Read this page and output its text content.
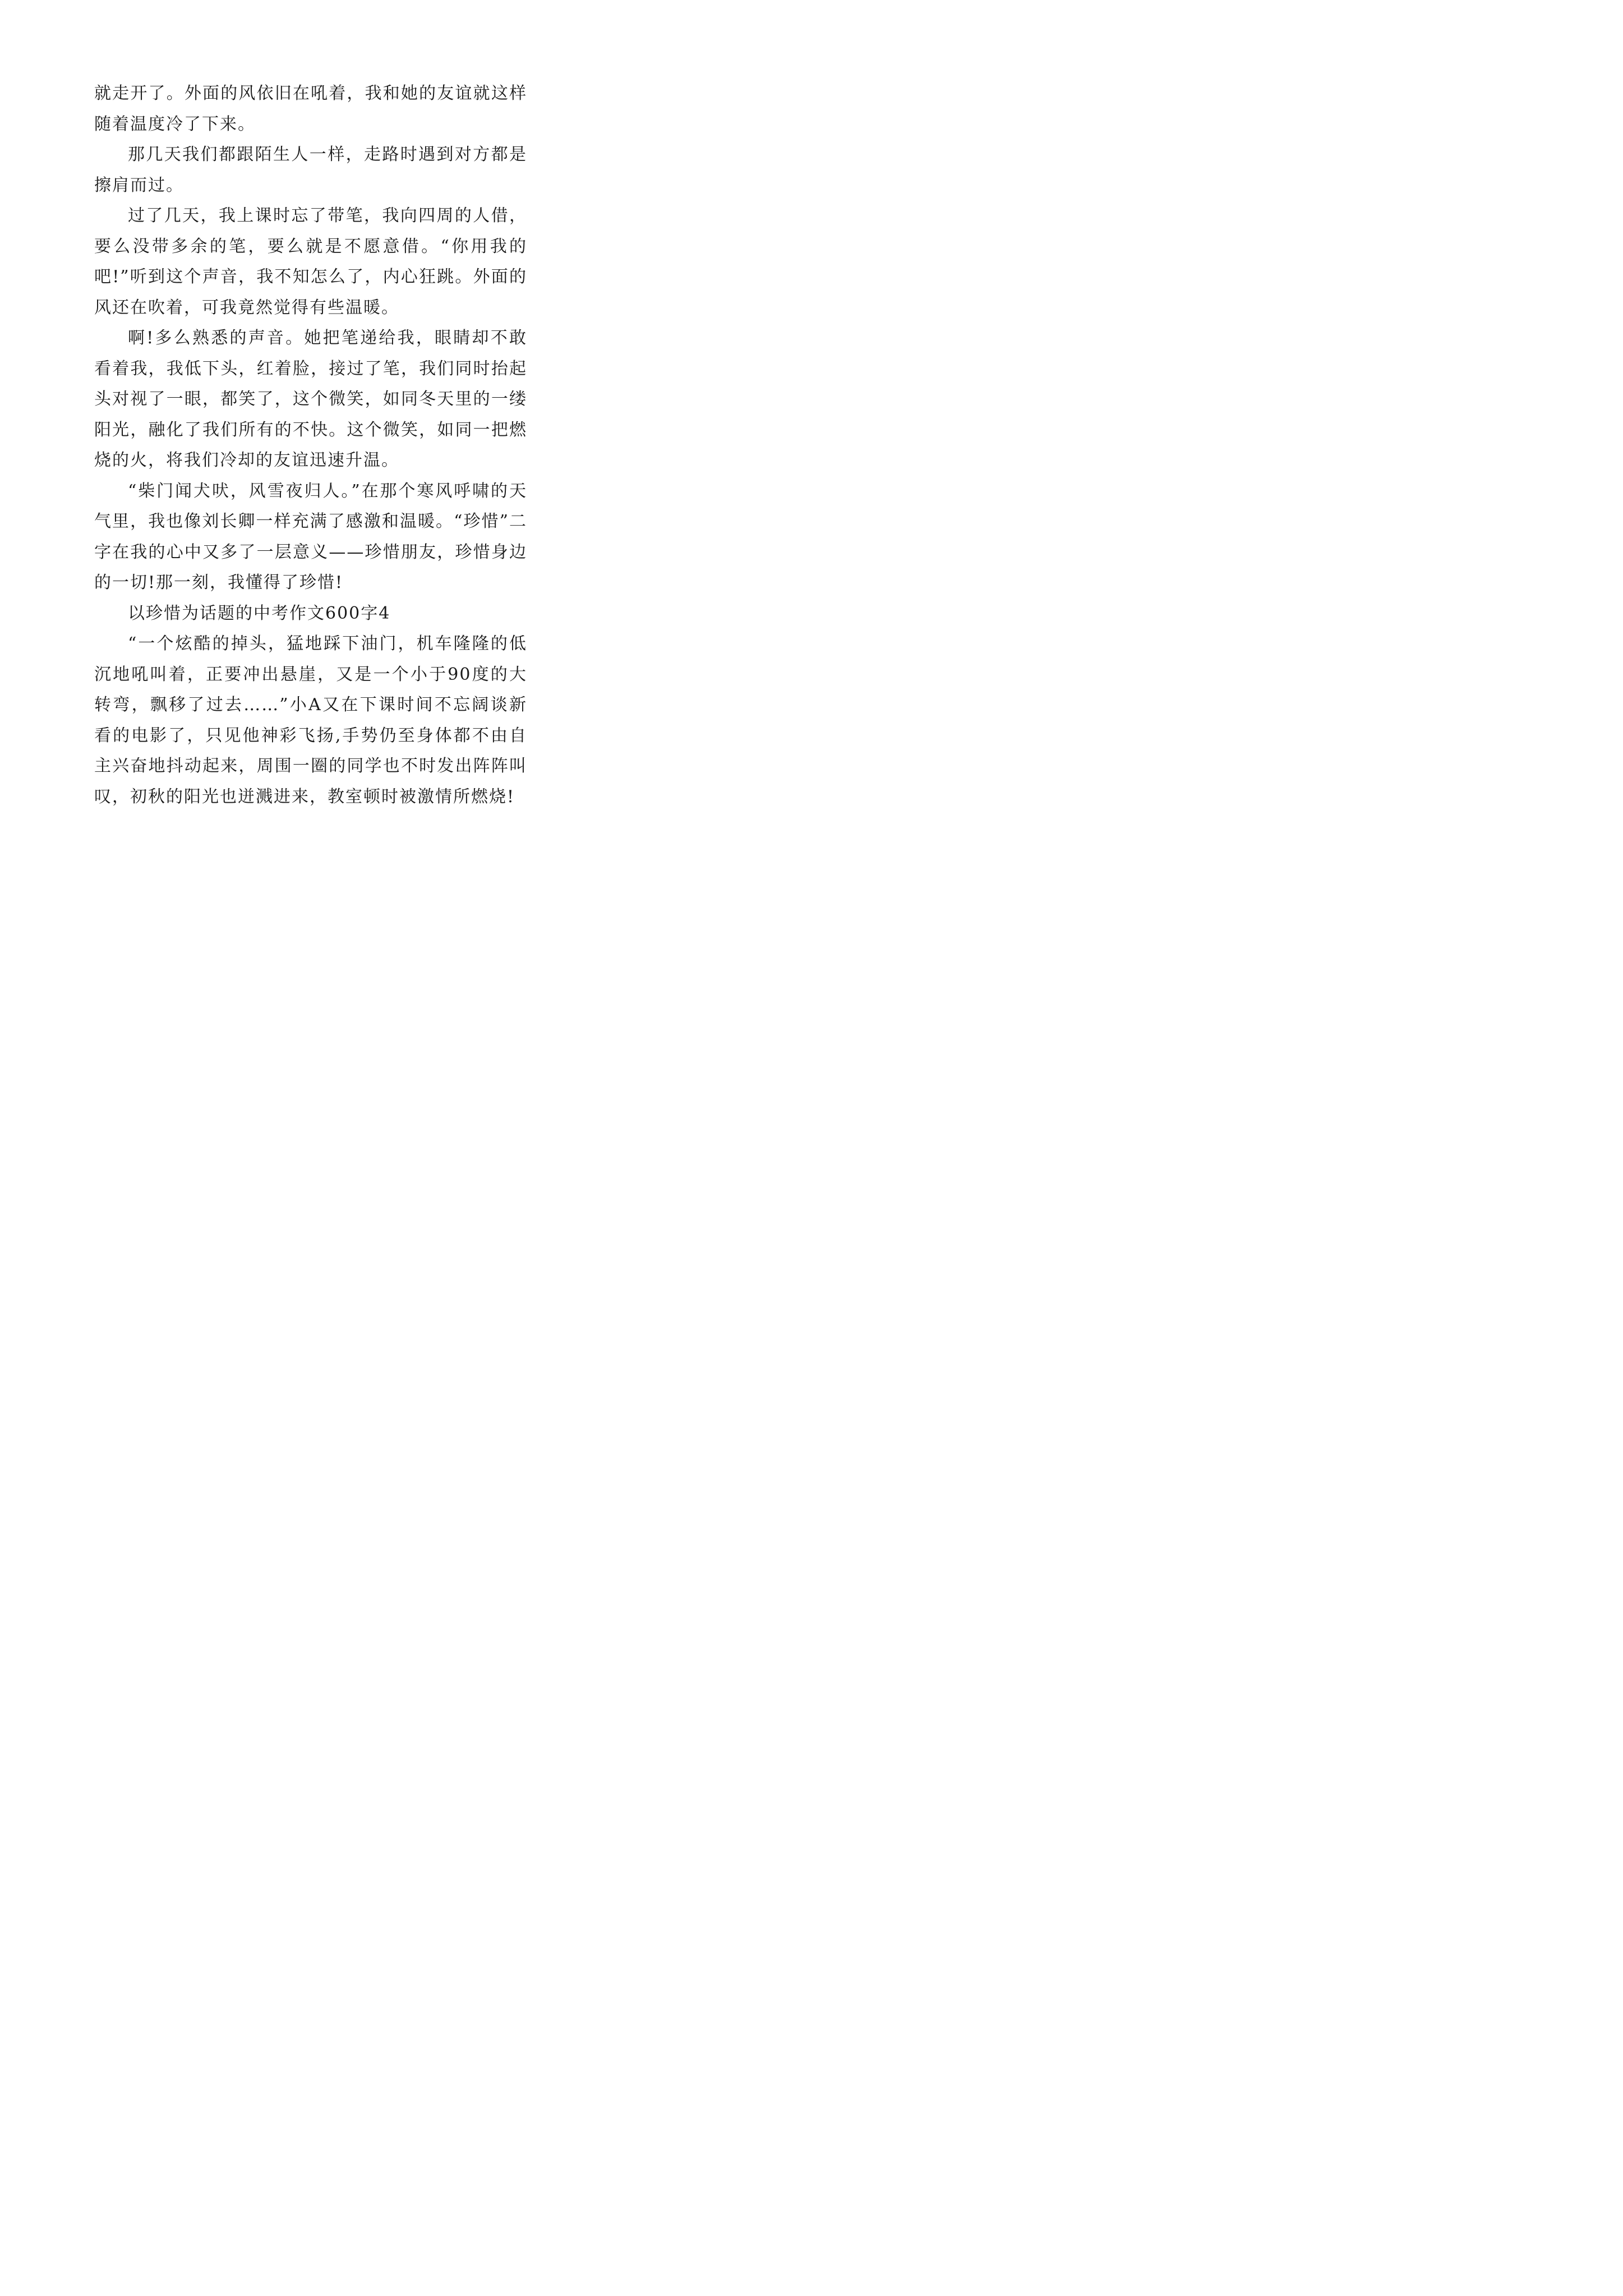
就走开了。外面的风依旧在吼着，我和她的友谊就这样随着温度冷了下来。

那几天我们都跟陌生人一样，走路时遇到对方都是擦肩而过。

过了几天，我上课时忘了带笔，我向四周的人借，要么没带多余的笔，要么就是不愿意借。“你用我的吧!”听到这个声音，我不知怎么了，内心狂跳。外面的风还在吹着，可我竟然觉得有些温暖。

啊!多么熟悉的声音。她把笔递给我，眼睛却不敢看着我，我低下头，红着脸，接过了笔，我们同时抬起头对视了一眼，都笑了，这个微笑，如同冬天里的一缕阳光，融化了我们所有的不快。这个微笑，如同一把燃烧的火，将我们冷却的友谊迅速升温。

“柴门闻犬吠，风雪夜归人。”在那个寒风呼啸的天气里，我也像刘长卿一样充满了感激和温暖。“珍惜”二字在我的心中又多了一层意义——珍惜朋友，珍惜身边的一切!那一刻，我懂得了珍惜!

以珍惜为话题的中考作文600字4

“一个炫酷的掉头，猛地踩下油门，机车隆隆的低沉地吼叫着，正要冲出悬崖，又是一个小于90度的大转弯，飘移了过去……”小A又在下课时间不忘阔谈新看的电影了，只见他神彩飞扬,手势仍至身体都不由自主兴奋地抖动起来，周围一圈的同学也不时发出阵阵叫叹，初秋的阳光也迸溅进来，教室顿时被激情所燃烧!
